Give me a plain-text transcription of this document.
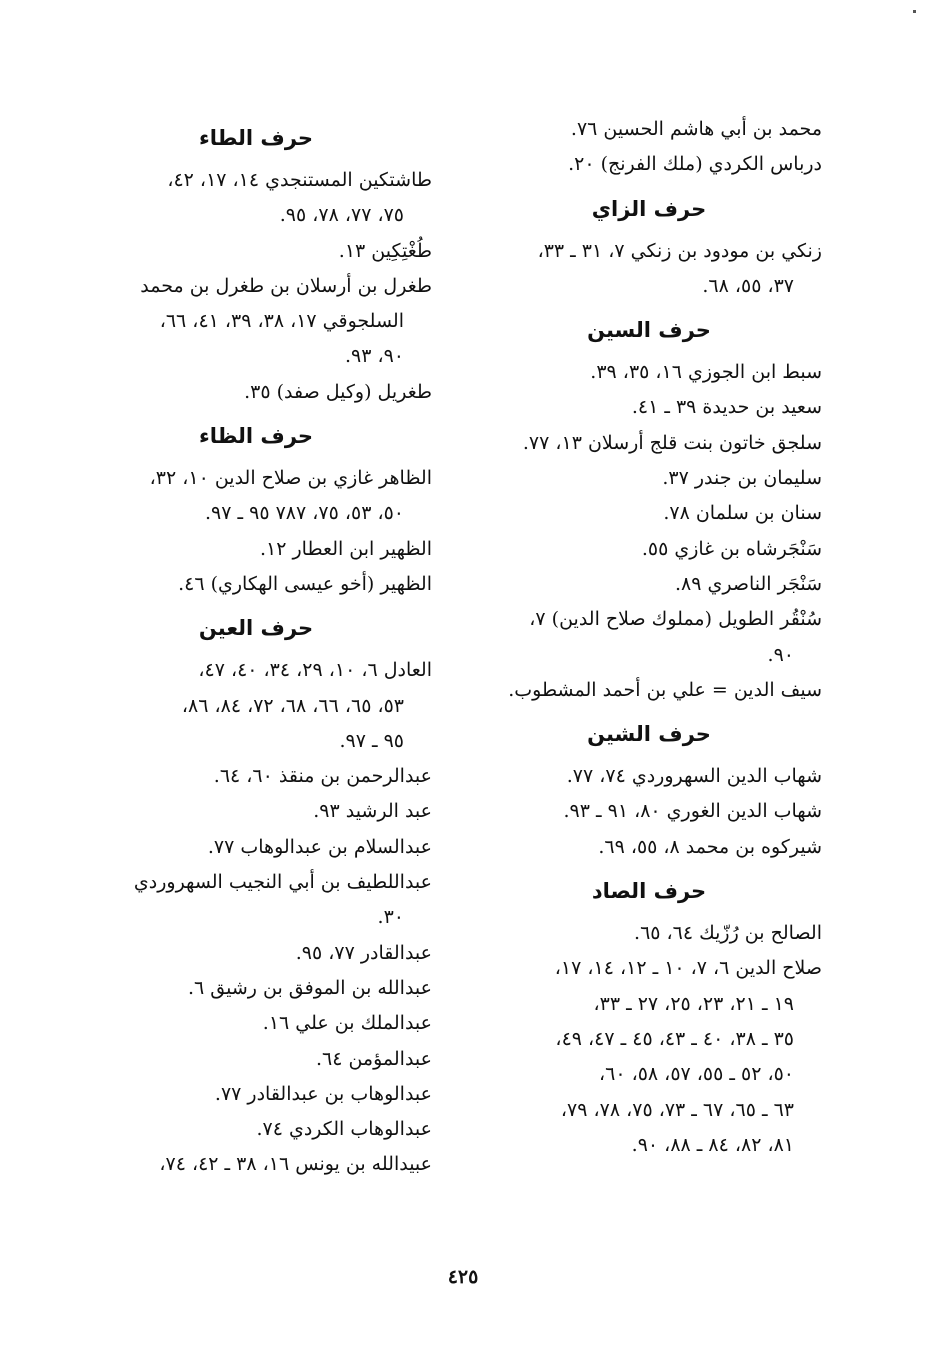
محمد بن أبي هاشم الحسين ٧٦.
درباس الكردي (ملك الفرنج) ٢٠.
حرف الزاي
زنكي بن مودود بن زنكي ٧، ٣١ ـ ٣٣،
٣٧، ٥٥، ٦٨.
حرف السين
سبط ابن الجوزي ١٦، ٣٥، ٣٩.
سعيد بن حديدة ٣٩ ـ ٤١.
سلجق خاتون بنت قلج أرسلان ١٣، ٧٧.
سليمان بن جندر ٣٧.
سنان بن سلمان ٧٨.
سَنْجَرشاه بن غازي ٥٥.
سَنْجَر الناصري ٨٩.
سُنْقُر الطويل (مملوك صلاح الدين) ٧،
٩٠.
سيف الدين = علي بن أحمد المشطوب.
حرف الشين
شهاب الدين السهروردي ٧٤، ٧٧.
شهاب الدين الغوري ٨٠، ٩١ ـ ٩٣.
شيركوه بن محمد ٨، ٥٥، ٦٩.
حرف الصاد
الصالح بن رُزّيك ٦٤، ٦٥.
صلاح الدين ٦، ٧، ١٠ ـ ١٢، ١٤، ١٧،
١٩ ـ ٢١، ٢٣، ٢٥، ٢٧ ـ ٣٣،
٣٥ ـ ٣٨، ٤٠ ـ ٤٣، ٤٥ ـ ٤٧، ٤٩،
٥٠، ٥٢ ـ ٥٥، ٥٧، ٥٨، ٦٠،
٦٣ ـ ٦٥، ٦٧ ـ ٧٣، ٧٥، ٧٨، ٧٩،
٨١، ٨٢، ٨٤ ـ ٨٨، ٩٠.
حرف الطاء
طاشتكين المستنجدي ١٤، ١٧، ٤٢،
٧٥، ٧٧، ٧٨، ٩٥.
طُغْتِكِين ١٣.
طغرل بن أرسلان بن طغرل بن محمد
السلجوقي ١٧، ٣٨، ٣٩، ٤١، ٦٦،
٩٠، ٩٣.
طغريل (وكيل صفد) ٣٥.
حرف الظاء
الظاهر غازي بن صلاح الدين ١٠، ٣٢،
٥٠، ٥٣، ٧٥، ٧٨٧ ٩٥ ـ ٩٧.
الظهير ابن العطار ١٢.
الظهير (أخو عيسى الهكاري) ٤٦.
حرف العين
العادل ٦، ١٠، ٢٩، ٣٤، ٤٠، ٤٧،
٥٣، ٦٥، ٦٦، ٦٨، ٧٢، ٨٤، ٨٦،
٩٥ ـ ٩٧.
عبدالرحمن بن منقذ ٦٠، ٦٤.
عبد الرشيد ٩٣.
عبدالسلام بن عبدالوهاب ٧٧.
عبداللطيف بن أبي النجيب السهروردي
٣٠.
عبدالقادر ٧٧، ٩٥.
عبدالله بن الموفق بن رشيق ٦.
عبدالملك بن علي ١٦.
عبدالمؤمن ٦٤.
عبدالوهاب بن عبدالقادر ٧٧.
عبدالوهاب الكردي ٧٤.
عبيدالله بن يونس ١٦، ٣٨ ـ ٤٢، ٧٤،
٤٢٥
